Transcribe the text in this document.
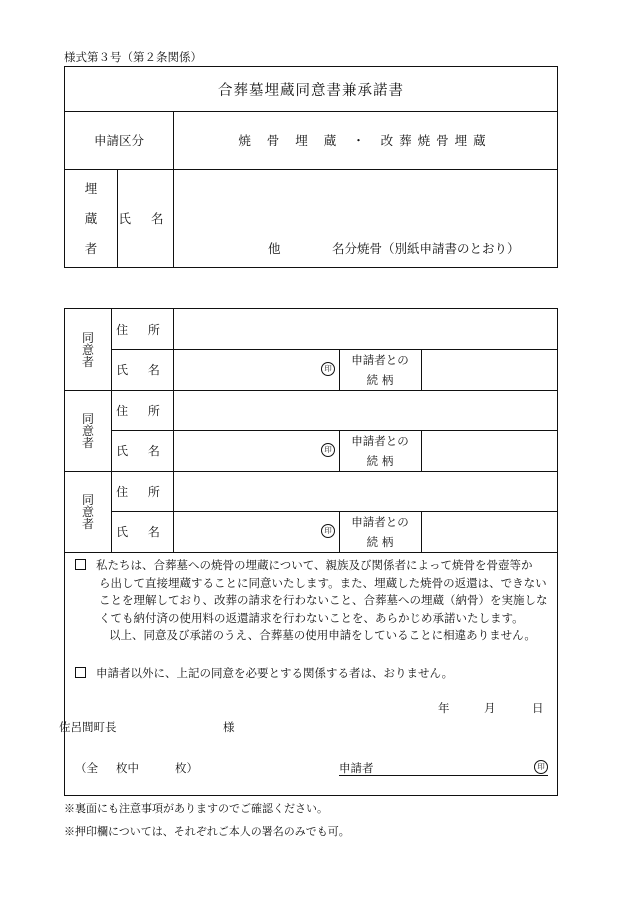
様式第３号（第２条関係）
合葬墓埋蔵同意書兼承諾書
申請区分	焼 骨 埋 蔵 ・ 改葬焼骨埋蔵
埋
蔵
者
氏 名
他	名分焼骨（別紙申請書のとおり）
同
意
者
住 所
氏 名	印
申請者との
続 柄
同
意
者
住 所
氏 名	印
申請者との
続 柄
同
意
者
住 所
氏 名	印
申請者との
続 柄
私たちは、合葬墓への焼骨の埋蔵について、親族及び関係者によって焼骨を骨壺等か
ら出して直接埋蔵することに同意いたします。また、埋蔵した焼骨の返還は、できない
ことを理解しており、改葬の請求を行わないこと、合葬墓への埋蔵（納骨）を実施しな
くても納付済の使用料の返還請求を行わないことを、あらかじめ承諾いたします。
以上、同意及び承諾のうえ、合葬墓の使用申請をしていることに相違ありません。
申請者以外に、上記の同意を必要とする関係する者は、おりません。
年	月	日
佐呂間町長	様
（全 枚中	枚）	申請者	印
※裏面にも注意事項がありますのでご確認ください。
※押印欄については、それぞれご本人の署名のみでも可。
